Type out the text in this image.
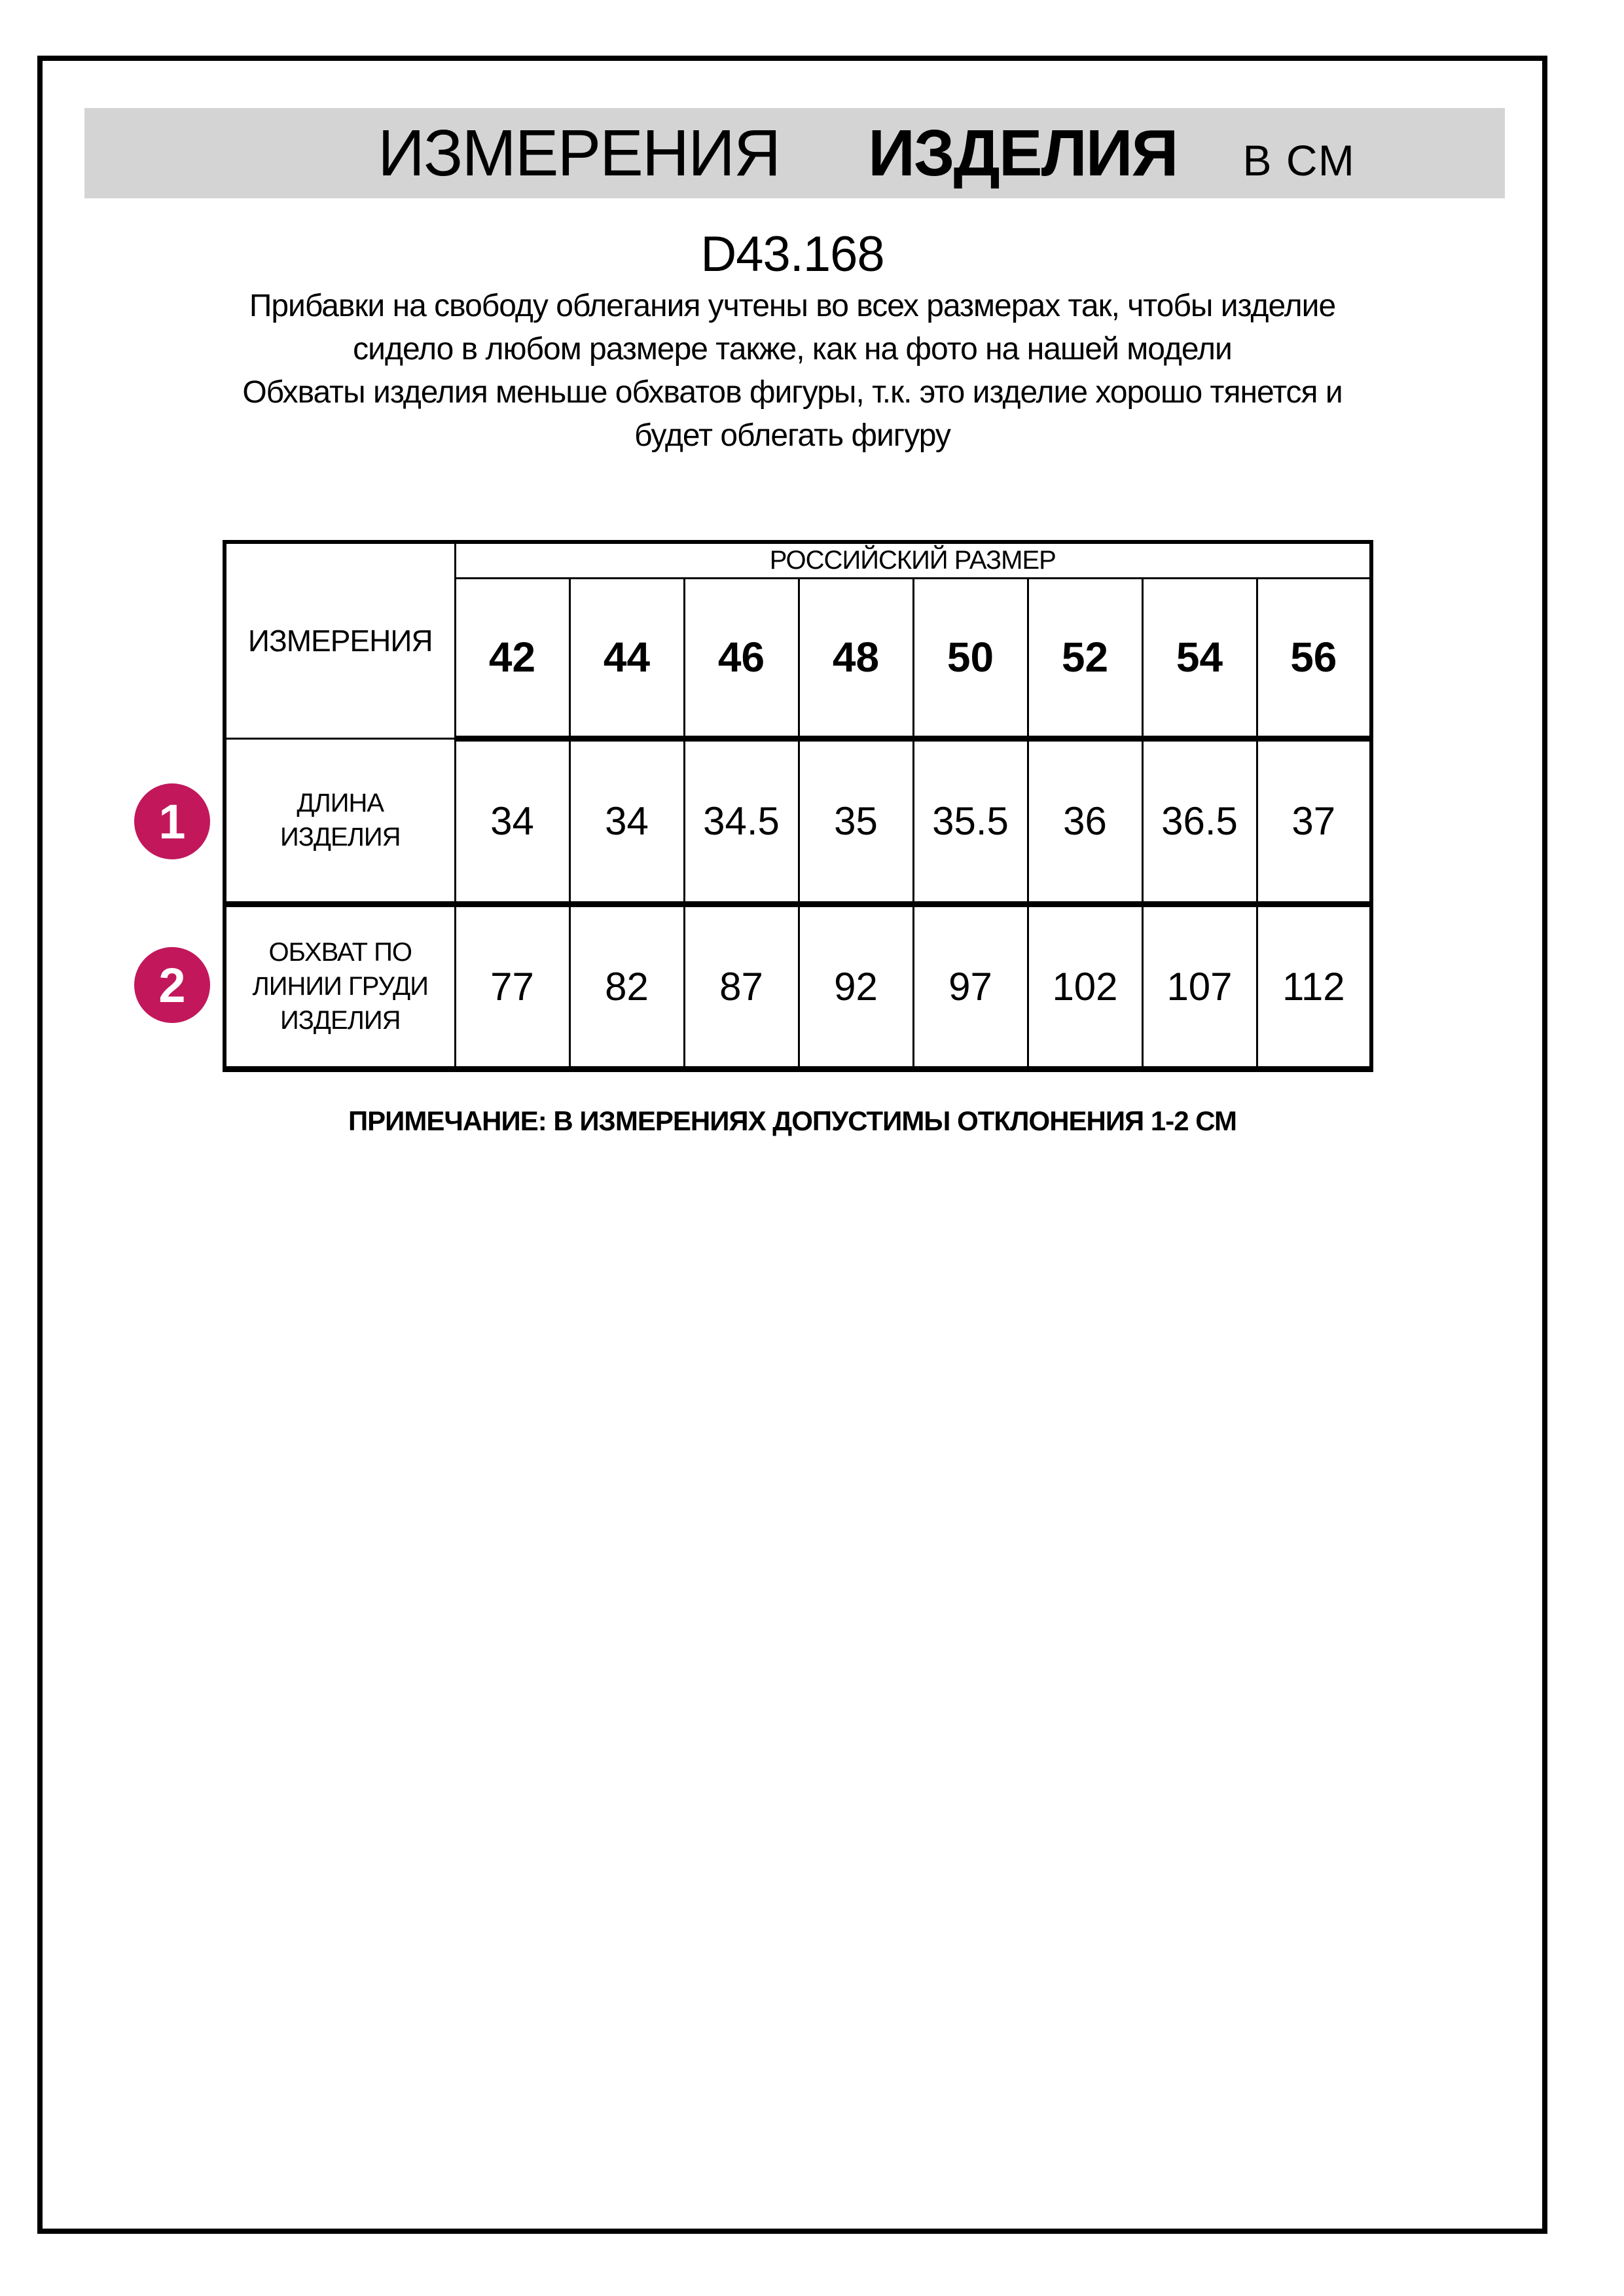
ИЗМЕРЕНИЯ ИЗДЕЛИЯ В СМ
D43.168

Прибавки на свободу облегания учтены во всех размерах так, чтобы изделие сидело в любом размере также, как на фото на нашей модели

Обхваты изделия меньше обхватов фигуры, т.к. это изделие хорошо тянется и будет облегать фигуру

1
2
ИЗМЕРЕНИЯ	РОССИЙСКИЙ РАЗМЕР							
	42	44	46	48	50	52	54	56

ДЛИНА
ИЗДЕЛИЯ	34	34	34.5	35	35.5	36	36.5	37

ОБХВАТ ПО
ЛИНИИ ГРУДИ
ИЗДЕЛИЯ	77	82	87	92	97	102	107	112
ПРИМЕЧАНИЕ: В ИЗМЕРЕНИЯХ ДОПУСТИМЫ ОТКЛОНЕНИЯ 1-2 СМ
